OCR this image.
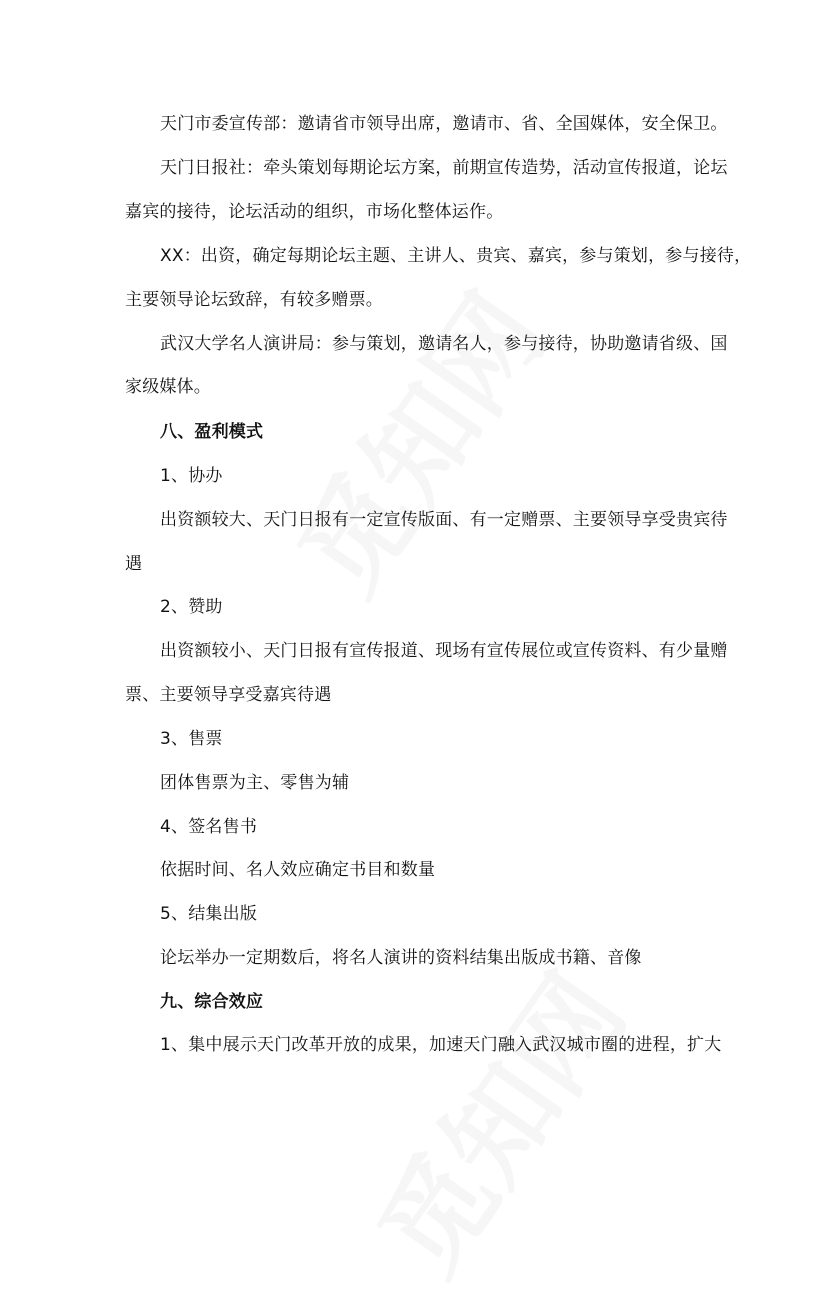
天门市委宣传部：邀请省市领导出席，邀请市、省、全国媒体，安全保卫。
天门日报社：牵头策划每期论坛方案，前期宣传造势，活动宣传报道，论坛
嘉宾的接待，论坛活动的组织，市场化整体运作。
XX：出资，确定每期论坛主题、主讲人、贵宾、嘉宾，参与策划，参与接待，
主要领导论坛致辞，有较多赠票。
武汉大学名人演讲局：参与策划，邀请名人，参与接待，协助邀请省级、国
家级媒体。
八、盈利模式
1、协办
出资额较大、天门日报有一定宣传版面、有一定赠票、主要领导享受贵宾待
遇
2、赞助
出资额较小、天门日报有宣传报道、现场有宣传展位或宣传资料、有少量赠
票、主要领导享受嘉宾待遇
3、售票
团体售票为主、零售为辅
4、签名售书
依据时间、名人效应确定书目和数量
5、结集出版
论坛举办一定期数后，将名人演讲的资料结集出版成书籍、音像
九、综合效应
1、集中展示天门改革开放的成果，加速天门融入武汉城市圈的进程，扩大
